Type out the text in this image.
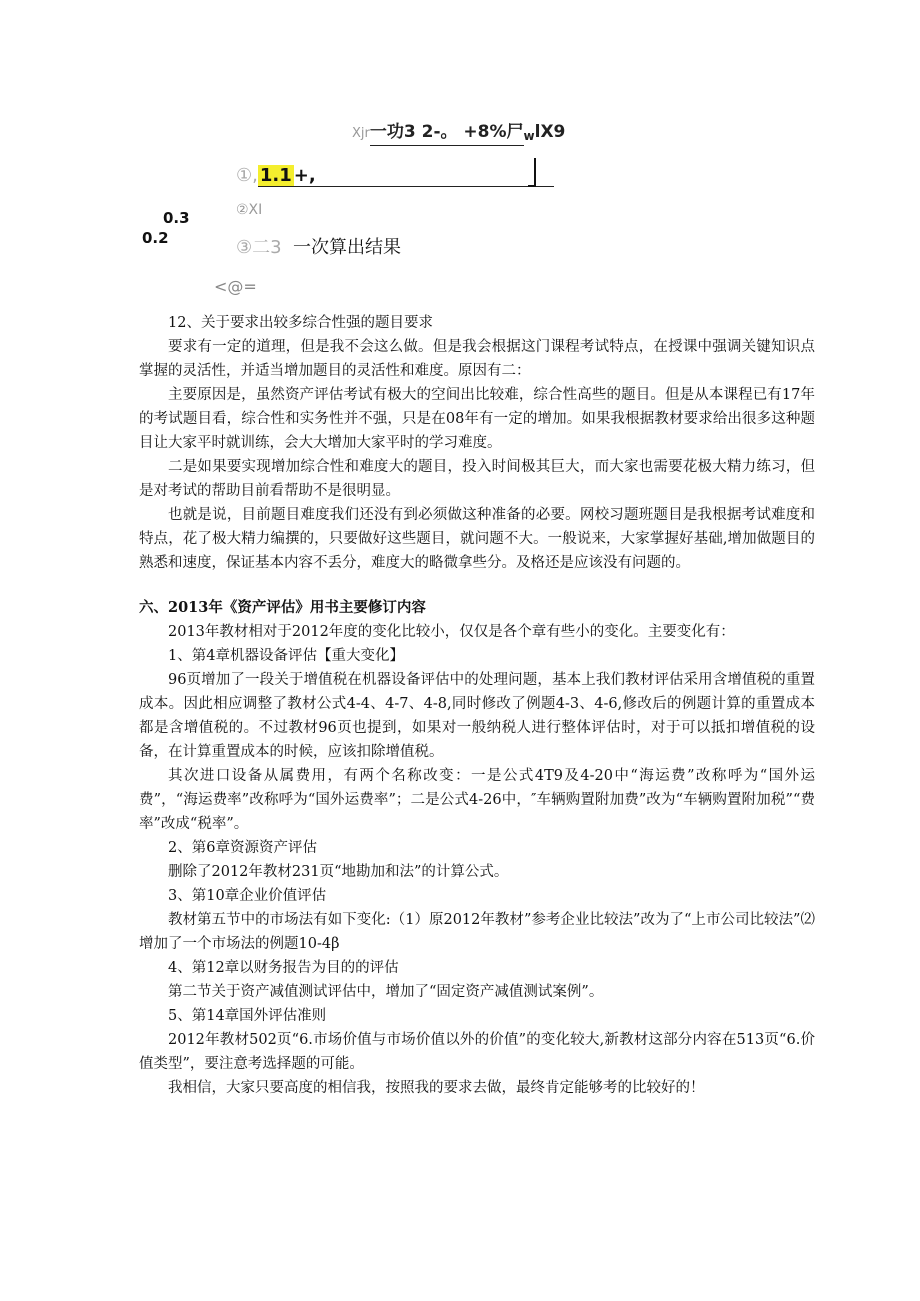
Xjr一功3 2-。 +8%尸$_w$lX9
①, 1.1 +,
②XI
③二3 一次算出结果
0.3
0.2
<@=

12、关于要求出较多综合性强的题目要求

要求有一定的道理，但是我不会这么做。但是我会根据这门课程考试特点，在授课中强调关键知识点掌握的灵活性，并适当增加题目的灵活性和难度。原因有二：

主要原因是，虽然资产评估考试有极大的空间出比较难，综合性高些的题目。但是从本课程已有17年的考试题目看，综合性和实务性并不强，只是在08年有一定的增加。如果我根据教材要求给出很多这种题目让大家平时就训练，会大大增加大家平时的学习难度。

二是如果要实现增加综合性和难度大的题目，投入时间极其巨大，而大家也需要花极大精力练习，但是对考试的帮助目前看帮助不是很明显。

也就是说，目前题目难度我们还没有到必须做这种准备的必要。网校习题班题目是我根据考试难度和特点，花了极大精力编撰的，只要做好这些题目，就问题不大。一般说来，大家掌握好基础,增加做题目的熟悉和速度，保证基本内容不丢分，难度大的略微拿些分。及格还是应该没有问题的。

六、2013年《资产评估》用书主要修订内容

2013年教材相对于2012年度的变化比较小，仅仅是各个章有些小的变化。主要变化有：

1、第4章机器设备评估【重大变化】

96页增加了一段关于增值税在机器设备评估中的处理问题，基本上我们教材评估采用含增值税的重置成本。因此相应调整了教材公式4-4、4-7、4-8,同时修改了例题4-3、4-6,修改后的例题计算的重置成本都是含增值税的。不过教材96页也提到，如果对一般纳税人进行整体评估时，对于可以抵扣增值税的设备，在计算重置成本的时候，应该扣除增值税。

其次进口设备从属费用，有两个名称改变：一是公式4T9及4-20中“海运费”改称呼为“国外运费”，“海运费率”改称呼为“国外运费率”；二是公式4-26中，″车辆购置附加费”改为“车辆购置附加税”“费率”改成“税率”。

2、第6章资源资产评估

删除了2012年教材231页“地勘加和法”的计算公式。

3、第10章企业价值评估

教材第五节中的市场法有如下变化:（1）原2012年教材”参考企业比较法”改为了“上市公司比较法”⑵增加了一个市场法的例题10-4β

4、第12章以财务报告为目的的评估

第二节关于资产减值测试评估中，增加了“固定资产减值测试案例”。

5、第14章国外评估准则

2012年教材502页“6.市场价值与市场价值以外的价值”的变化较大,新教材这部分内容在513页“6.价值类型”，要注意考选择题的可能。

我相信，大家只要高度的相信我，按照我的要求去做，最终肯定能够考的比较好的！
